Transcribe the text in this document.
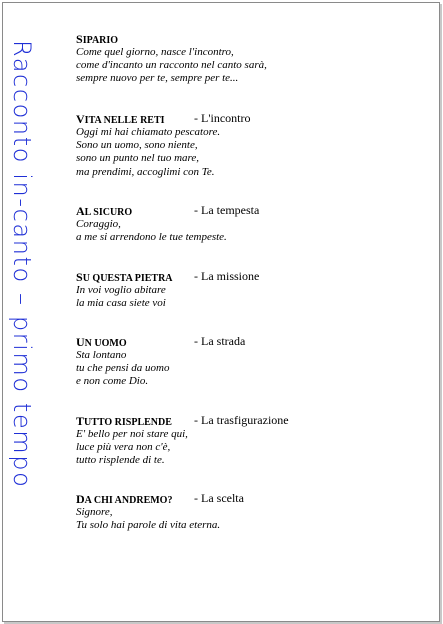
Racconto in-canto – primo tempo
SIPARIO
Come quel giorno, nasce l'incontro,
come d'incanto un racconto nel canto sarà,
sempre nuovo per te, sempre per te...
VITA NELLE RETI - L'incontro
Oggi mi hai chiamato pescatore.
Sono un uomo, sono niente,
sono un punto nel tuo mare,
ma prendimi, accoglimi con Te.
AL SICURO	- La tempesta
Coraggio,
a me si arrendono le tue tempeste.
SU QUESTA PIETRA - La missione
In voi voglio abitare
la mia casa siete voi
UN UOMO	- La strada
Sta lontano
tu che pensi da uomo
e non come Dio.
TUTTO RISPLENDE - La trasfigurazione
E' bello per noi stare qui,
luce più vera non c'è,
tutto risplende di te.
DA CHI ANDREMO? - La scelta
Signore,
Tu solo hai parole di vita eterna.
